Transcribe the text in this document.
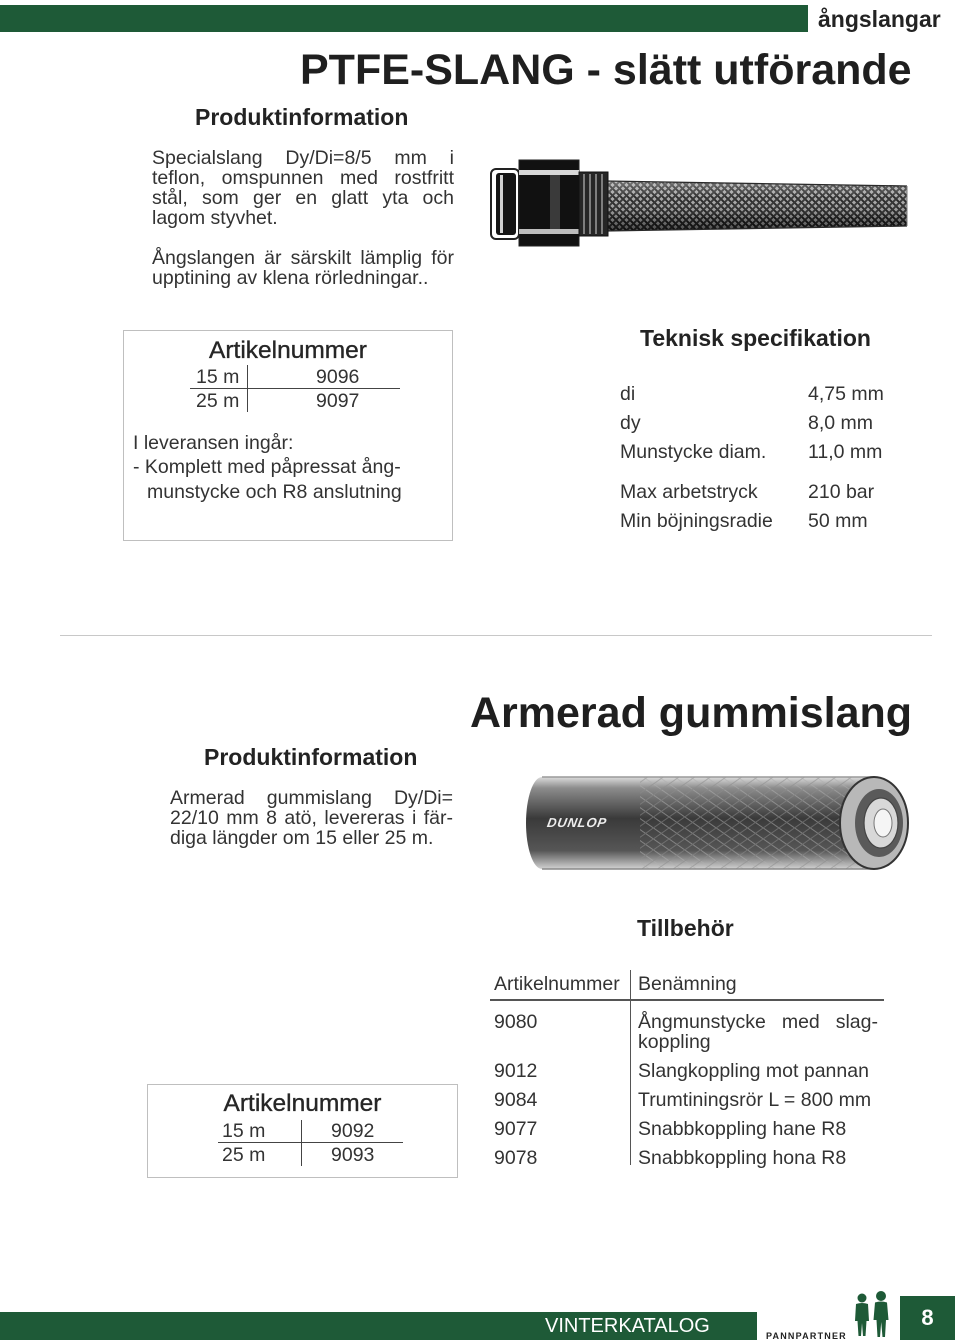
ångslangar
PTFE-SLANG - slätt utförande
Produktinformation
Specialslang Dy/Di=8/5 mm i
teflon, omspunnen med rostfritt
stål, som ger en glatt yta och
lagom styvhet.
Ångslangen är särskilt lämplig för
upptining av klena rörledningar..
Artikelnummer
15 m	9096
25 m	9097
I leveransen ingår:
- Komplett med påpressat ång-
munstycke och R8 anslutning
Teknisk specifikation
di	4,75 mm
dy	8,0 mm
Munstycke diam. 11,0 mm
Max arbetstryck	210 bar
Min böjningsradie 50 mm
Armerad gummislang
Produktinformation
Armerad gummislang Dy/Di=
22/10 mm 8 atö, levereras i fär-
diga längder om 15 eller 25 m.
DUNLOP
Tillbehör
Artikelnummer Benämning
9080	Ångmunstycke med slag-
koppling
9012	Slangkoppling mot pannan
9084	Trumtiningsrör L = 800 mm
9077	Snabbkoppling hane R8
9078	Snabbkoppling hona R8
Artikelnummer
15 m	9092
25 m	9093
VINTERKATALOG	PANNPARTNER
8
